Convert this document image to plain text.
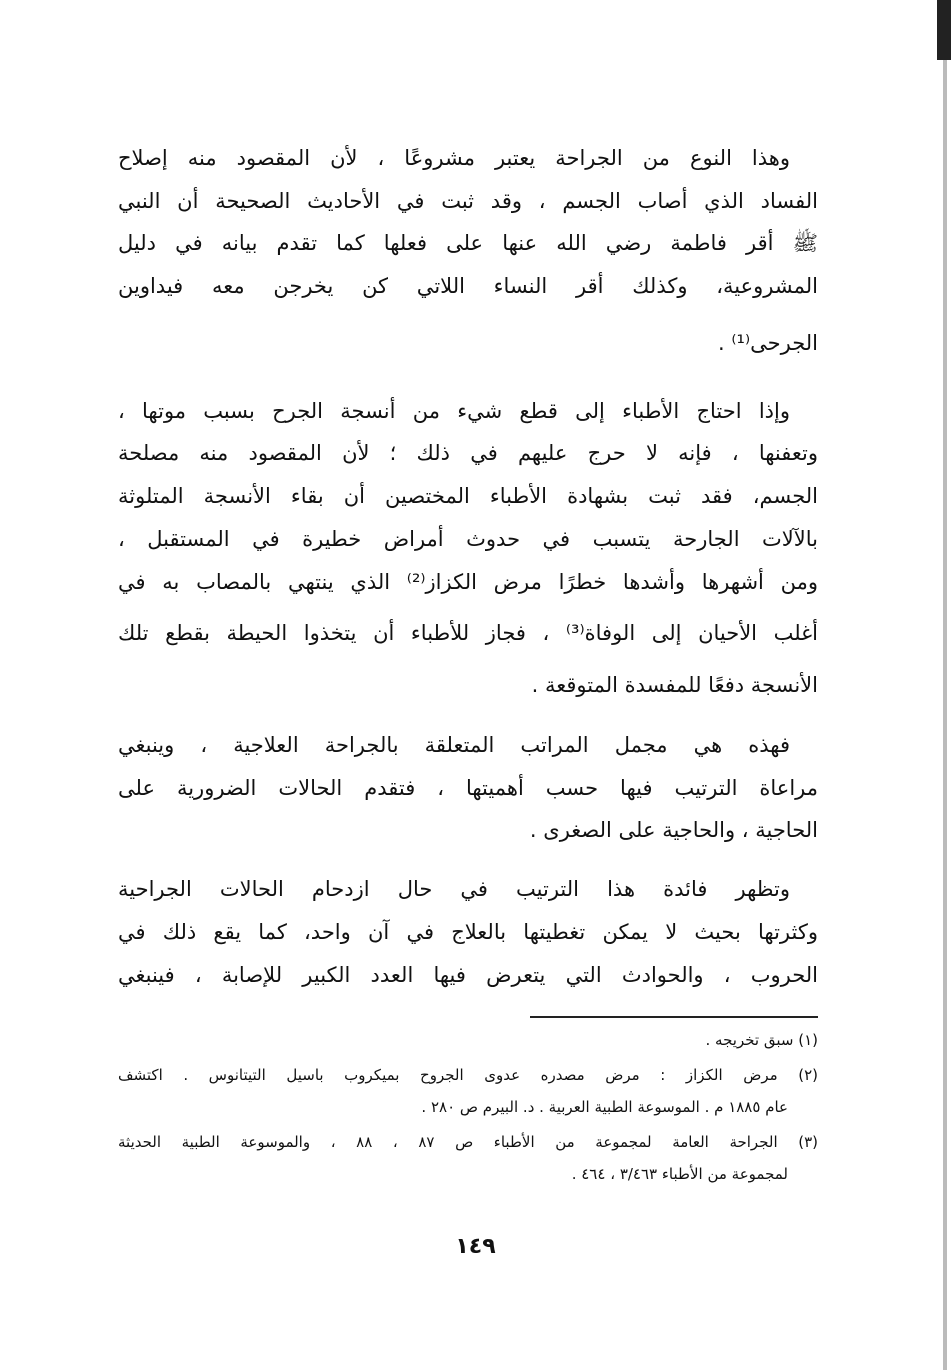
وهذا النوع من الجراحة يعتبر مشروعًا ، لأن المقصود منه إصلاح
الفساد الذي أصاب الجسم ، وقد ثبت في الأحاديث الصحيحة أن النبي
ﷺ أقر فاطمة رضي الله عنها على فعلها كما تقدم بيانه في دليل
المشروعية، وكذلك أقر النساء اللاتي كن يخرجن معه فيداوين
الجرحى⁽¹⁾ .
وإذا احتاج الأطباء إلى قطع شيء من أنسجة الجرح بسبب موتها ،
وتعفنها ، فإنه لا حرج عليهم في ذلك ؛ لأن المقصود منه مصلحة
الجسم، فقد ثبت بشهادة الأطباء المختصين أن بقاء الأنسجة المتلوثة
بالآلات الجارحة يتسبب في حدوث أمراض خطيرة في المستقبل ،
ومن أشهرها وأشدها خطرًا مرض الكزاز⁽²⁾ الذي ينتهي بالمصاب به في
أغلب الأحيان إلى الوفاة⁽³⁾ ، فجاز للأطباء أن يتخذوا الحيطة بقطع تلك
الأنسجة دفعًا للمفسدة المتوقعة .
فهذه هي مجمل المراتب المتعلقة بالجراحة العلاجية ، وينبغي
مراعاة الترتيب فيها حسب أهميتها ، فتقدم الحالات الضرورية على
الحاجية ، والحاجية على الصغرى .
وتظهر فائدة هذا الترتيب في حال ازدحام الحالات الجراحية
وكثرتها بحيث لا يمكن تغطيتها بالعلاج في آن واحد، كما يقع ذلك في
الحروب ، والحوادث التي يتعرض فيها العدد الكبير للإصابة ، فينبغي
(١) سبق تخريجه .
(٢) مرض الكزاز : مرض مصدره عدوى الجروح بميكروب باسيل التيتانوس . اكتشف
عام ١٨٨٥ م . الموسوعة الطبية العربية . د. البيرم ص ٢٨٠ .
(٣) الجراحة العامة لمجموعة من الأطباء ص ٨٧ ، ٨٨ ، والموسوعة الطبية الحديثة
لمجموعة من الأطباء ٣/٤٦٣ ، ٤٦٤ .
١٤٩
